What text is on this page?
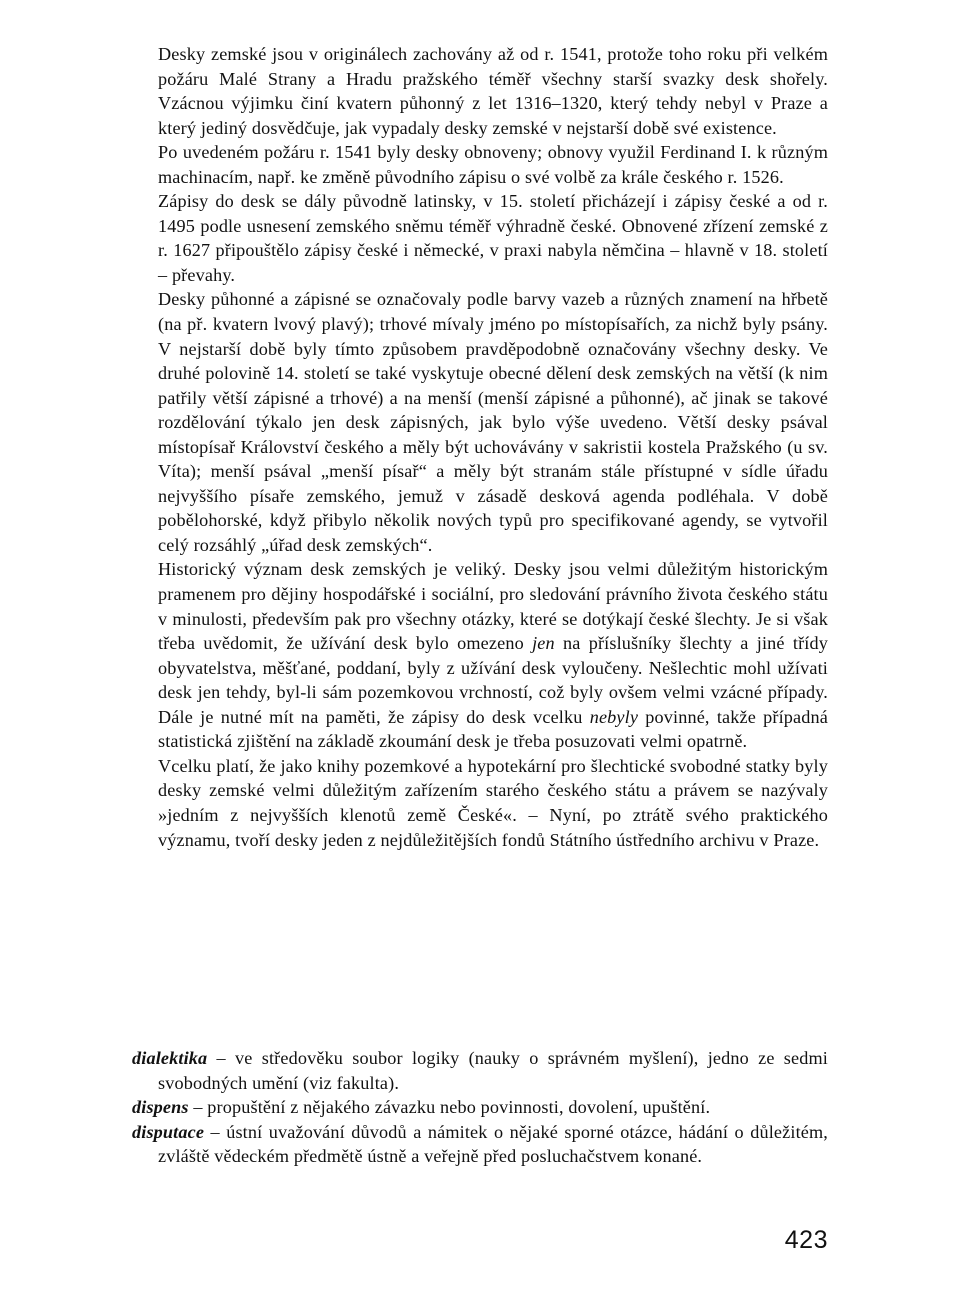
Desky zemské jsou v originálech zachovány až od r. 1541, protože toho roku při velkém požáru Malé Strany a Hradu pražského téměř všechny starší svazky desk shořely. Vzácnou výjimku činí kvatern půhonný z let 1316–1320, který tehdy nebyl v Praze a který jediný dosvědčuje, jak vypadaly desky zemské v nejstarší době své existence.

Po uvedeném požáru r. 1541 byly desky obnoveny; obnovy využil Ferdinand I. k různým machinacím, např. ke změně původního zápisu o své volbě za krále českého r. 1526.

Zápisy do desk se dály původně latinsky, v 15. století přicházejí i zápisy české a od r. 1495 podle usnesení zemského sněmu téměř výhradně české. Obnovené zřízení zemské z r. 1627 připouštělo zápisy české i německé, v praxi nabyla němčina – hlavně v 18. století – převahy.

Desky půhonné a zápisné se označovaly podle barvy vazeb a různých znamení na hřbetě (na př. kvatern lvový plavý); trhové mívaly jméno po místopísařích, za nichž byly psány. V nejstarší době byly tímto způsobem pravděpodobně označovány všechny desky. Ve druhé polovině 14. století se také vyskytuje obecné dělení desk zemských na větší (k nim patřily větší zápisné a trhové) a na menší (menší zápisné a půhonné), ač jinak se takové rozdělování týkalo jen desk zápisných, jak bylo výše uvedeno. Větší desky psával místopísař Království českého a měly být uchovávány v sakristii kostela Pražského (u sv. Víta); menší psával „menší písař“ a měly být stranám stále přístupné v sídle úřadu nejvyššího písaře zemského, jemuž v zásadě desková agenda podléhala. V době pobělohorské, když přibylo několik nových typů pro specifikované agendy, se vytvořil celý rozsáhlý „úřad desk zemských“.

Historický význam desk zemských je veliký. Desky jsou velmi důležitým historickým pramenem pro dějiny hospodářské i sociální, pro sledování právního života českého státu v minulosti, především pak pro všechny otázky, které se dotýkají české šlechty. Je si však třeba uvědomit, že užívání desk bylo omezeno jen na příslušníky šlechty a jiné třídy obyvatelstva, měšťané, poddaní, byly z užívání desk vyloučeny. Nešlechtic mohl užívati desk jen tehdy, byl-li sám pozemkovou vrchností, což byly ovšem velmi vzácné případy. Dále je nutné mít na paměti, že zápisy do desk vcelku nebyly povinné, takže případná statistická zjištění na základě zkoumání desk je třeba posuzovati velmi opatrně.

Vcelku platí, že jako knihy pozemkové a hypotekární pro šlechtické svobodné statky byly desky zemské velmi důležitým zařízením starého českého státu a právem se nazývaly »jedním z nejvyšších klenotů země České«. – Nyní, po ztrátě svého praktického významu, tvoří desky jeden z nejdůležitějších fondů Státního ústředního archivu v Praze.

dialektika – ve středověku soubor logiky (nauky o správném myšlení), jedno ze sedmi svobodných umění (viz fakulta).

dispens – propuštění z nějakého závazku nebo povinnosti, dovolení, upuštění.

disputace – ústní uvažování důvodů a námitek o nějaké sporné otázce, hádání o důležitém, zvláště vědeckém předmětě ústně a veřejně před posluchačstvem konané.

423
